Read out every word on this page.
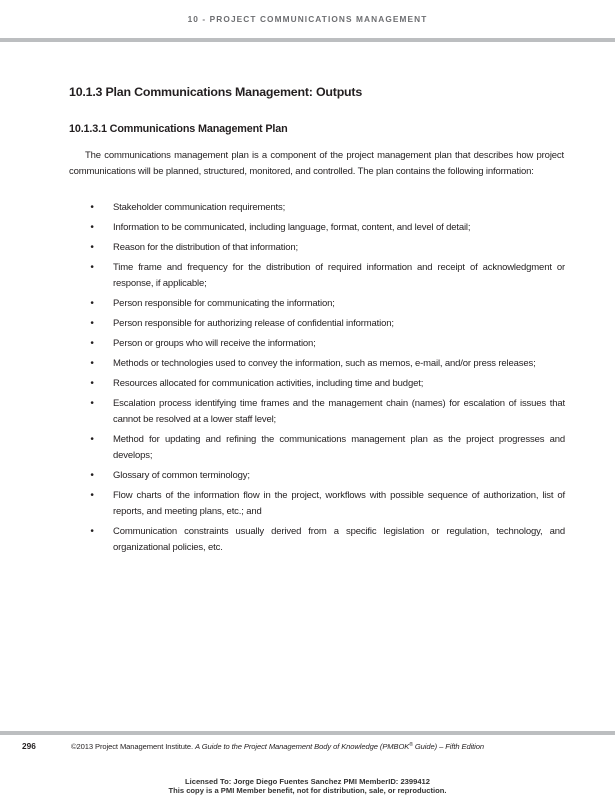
10 - PROJECT COMMUNICATIONS MANAGEMENT
10.1.3 Plan Communications Management: Outputs
10.1.3.1 Communications Management Plan

The communications management plan is a component of the project management plan that describes how project communications will be planned, structured, monitored, and controlled. The plan contains the following information:

•	Stakeholder communication requirements;
•	Information to be communicated, including language, format, content, and level of detail;
•	Reason for the distribution of that information;
•	Time frame and frequency for the distribution of required information and receipt of acknowledgment or response, if applicable;
•	Person responsible for communicating the information;
•	Person responsible for authorizing release of confidential information;
•	Person or groups who will receive the information;
•	Methods or technologies used to convey the information, such as memos, e-mail, and/or press releases;
•	Resources allocated for communication activities, including time and budget;
•	Escalation process identifying time frames and the management chain (names) for escalation of issues that cannot be resolved at a lower staff level;
•	Method for updating and refining the communications management plan as the project progresses and develops;
•	Glossary of common terminology;
•	Flow charts of the information flow in the project, workflows with possible sequence of authorization, list of reports, and meeting plans, etc.; and
•	Communication constraints usually derived from a specific legislation or regulation, technology, and organizational policies, etc.
296	©2013 Project Management Institute. A Guide to the Project Management Body of Knowledge (PMBOK® Guide) – Fifth Edition
Licensed To: Jorge Diego Fuentes Sanchez PMI MemberID: 2399412
This copy is a PMI Member benefit, not for distribution, sale, or reproduction.
